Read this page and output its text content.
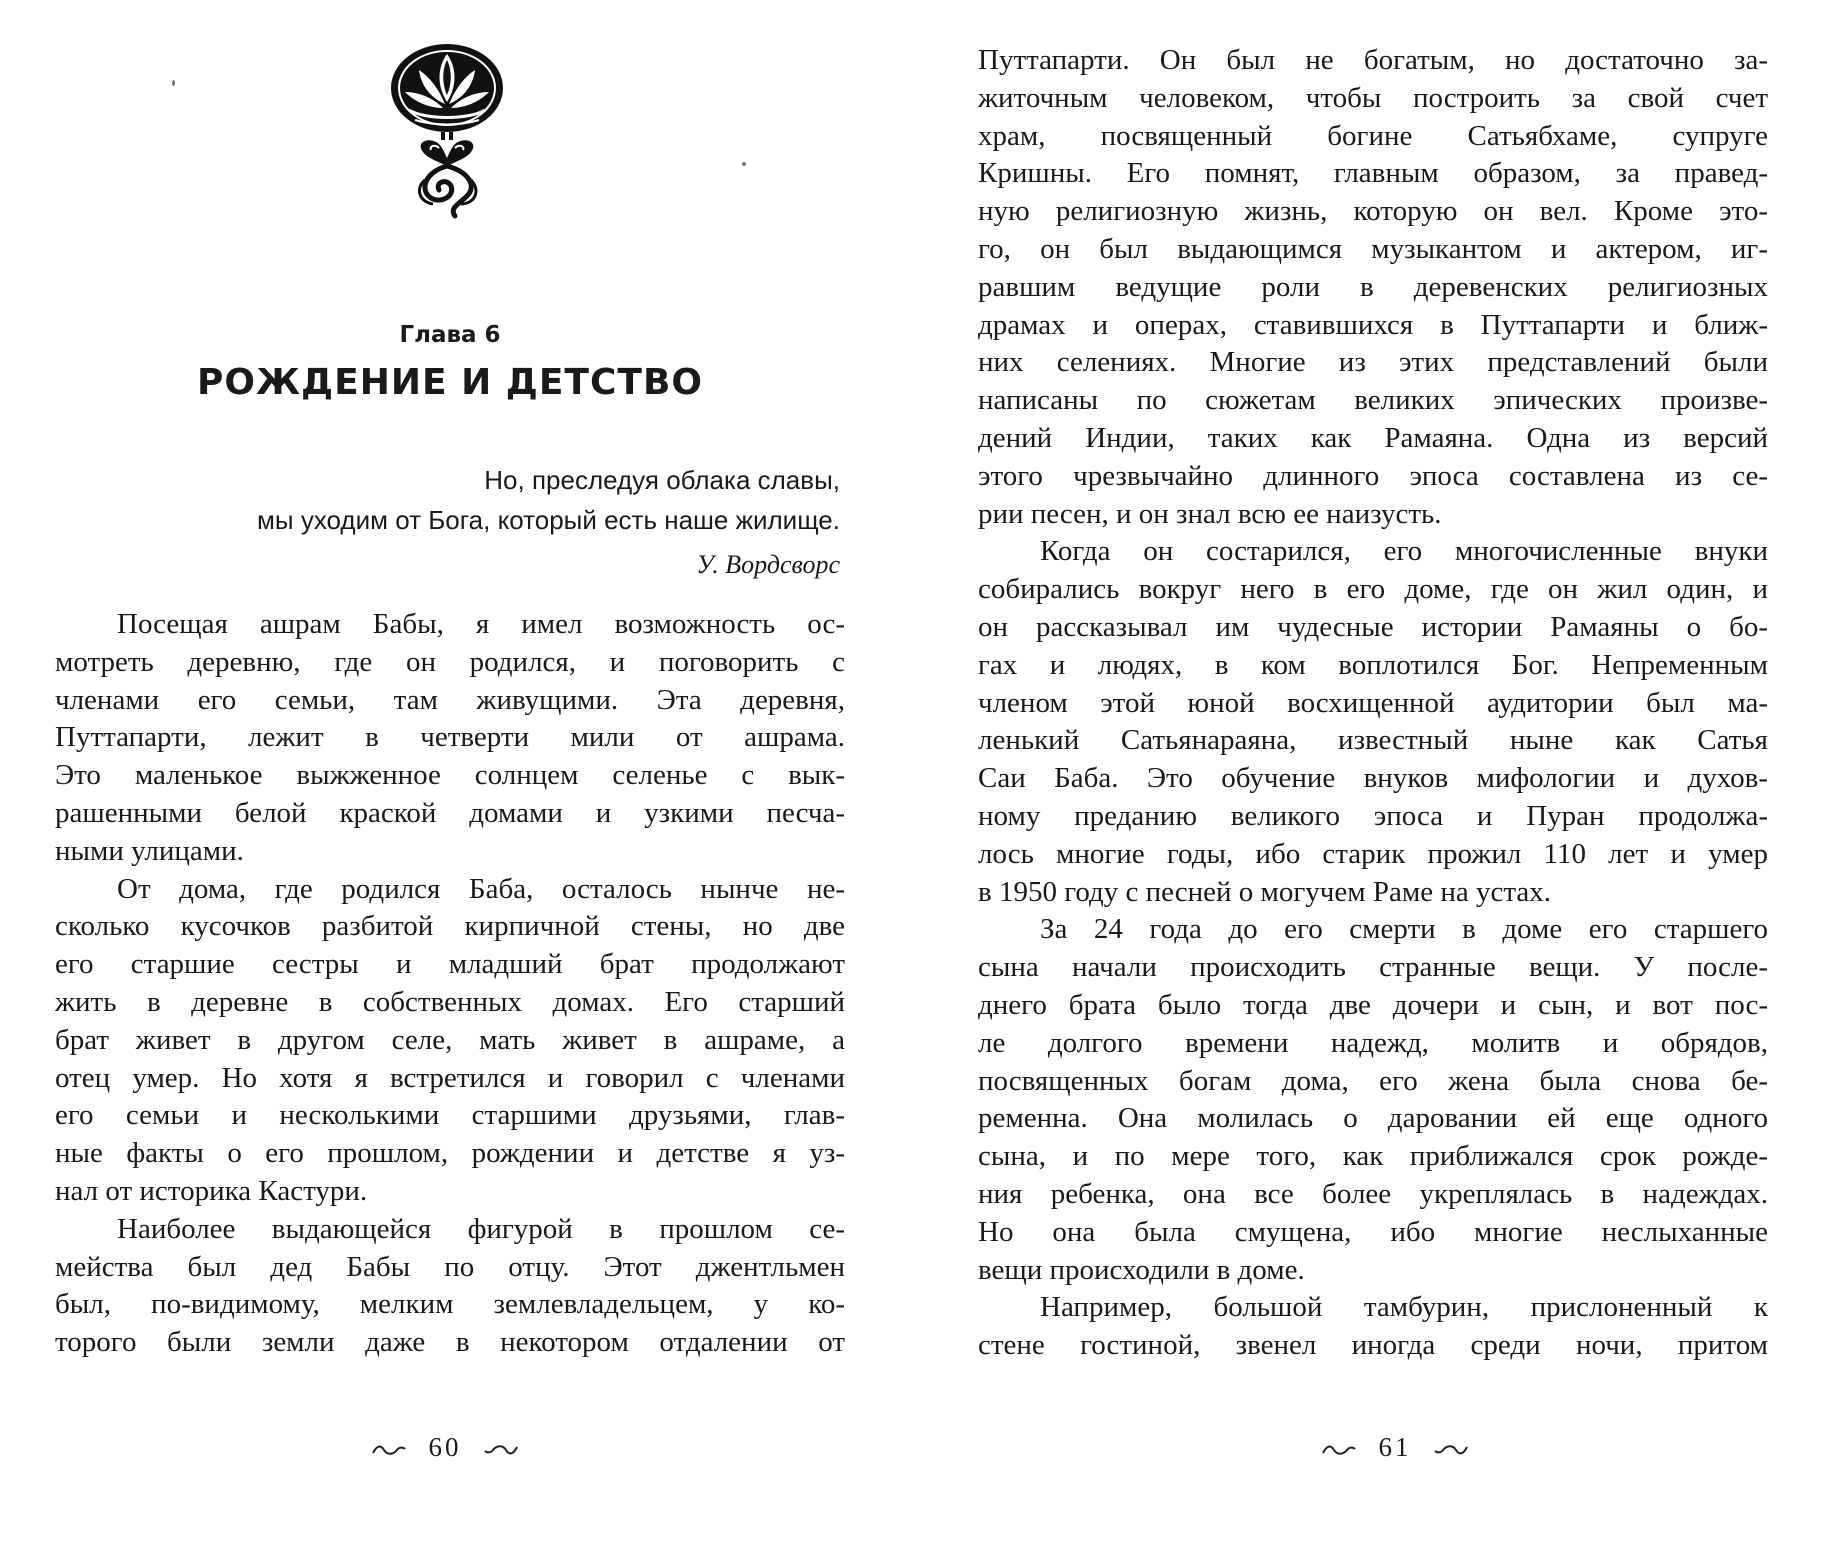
Глава 6
РОЖДЕНИЕ И ДЕТСТВО
Но, преследуя облака славы,
мы уходим от Бога, который есть наше жилище.
У. Вордсворс
Посещая ашрам Бабы, я имел возможность ос-
мотреть деревню, где он родился, и поговорить с
членами его семьи, там живущими. Эта деревня,
Путтапарти, лежит в четверти мили от ашрама.
Это маленькое выжженное солнцем селенье с вык-
рашенными белой краской домами и узкими песча-
ными улицами.
От дома, где родился Баба, осталось нынче не-
сколько кусочков разбитой кирпичной стены, но две
его старшие сестры и младший брат продолжают
жить в деревне в собственных домах. Его старший
брат живет в другом селе, мать живет в ашраме, а
отец умер. Но хотя я встретился и говорил с членами
его семьи и несколькими старшими друзьями, глав-
ные факты о его прошлом, рождении и детстве я уз-
нал от историка Кастури.
Наиболее выдающейся фигурой в прошлом се-
мейства был дед Бабы по отцу. Этот джентльмен
был, по-видимому, мелким землевладельцем, у ко-
торого были земли даже в некотором отдалении от
60
Путтапарти. Он был не богатым, но достаточно за-
житочным человеком, чтобы построить за свой счет
храм, посвященный богине Сатьябхаме, супруге
Кришны. Его помнят, главным образом, за правед-
ную религиозную жизнь, которую он вел. Кроме это-
го, он был выдающимся музыкантом и актером, иг-
равшим ведущие роли в деревенских религиозных
драмах и операх, ставившихся в Путтапарти и ближ-
них селениях. Многие из этих представлений были
написаны по сюжетам великих эпических произве-
дений Индии, таких как Рамаяна. Одна из версий
этого чрезвычайно длинного эпоса составлена из се-
рии песен, и он знал всю ее наизусть.
Когда он состарился, его многочисленные внуки
собирались вокруг него в его доме, где он жил один, и
он рассказывал им чудесные истории Рамаяны о бо-
гах и людях, в ком воплотился Бог. Непременным
членом этой юной восхищенной аудитории был ма-
ленький Сатьянараяна, известный ныне как Сатья
Саи Баба. Это обучение внуков мифологии и духов-
ному преданию великого эпоса и Пуран продолжа-
лось многие годы, ибо старик прожил 110 лет и умер
в 1950 году с песней о могучем Раме на устах.
За 24 года до его смерти в доме его старшего
сына начали происходить странные вещи. У после-
днего брата было тогда две дочери и сын, и вот пос-
ле долгого времени надежд, молитв и обрядов,
посвященных богам дома, его жена была снова бе-
ременна. Она молилась о даровании ей еще одного
сына, и по мере того, как приближался срок рожде-
ния ребенка, она все более укреплялась в надеждах.
Но она была смущена, ибо многие неслыханные
вещи происходили в доме.
Например, большой тамбурин, прислоненный к
стене гостиной, звенел иногда среди ночи, притом
61
